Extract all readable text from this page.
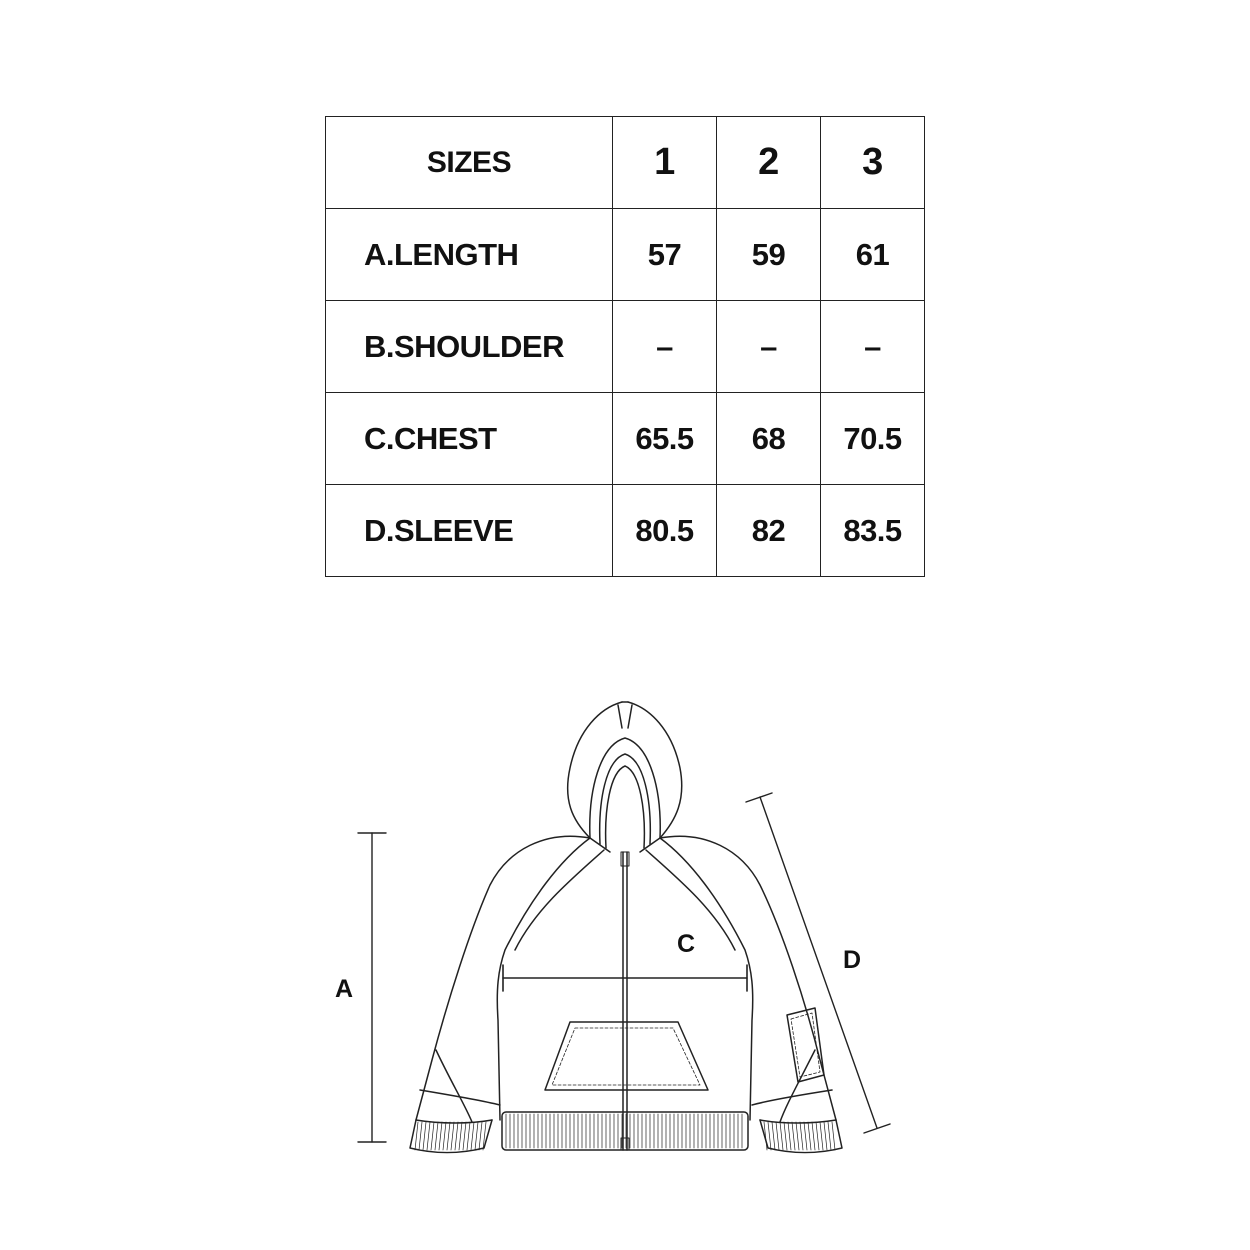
SIZES	1	2	3
A.LENGTH	57	59	61
B.SHOULDER	–	–	–
C.CHEST	65.5	68	70.5
D.SLEEVE	80.5	82	83.5
A
C
D
